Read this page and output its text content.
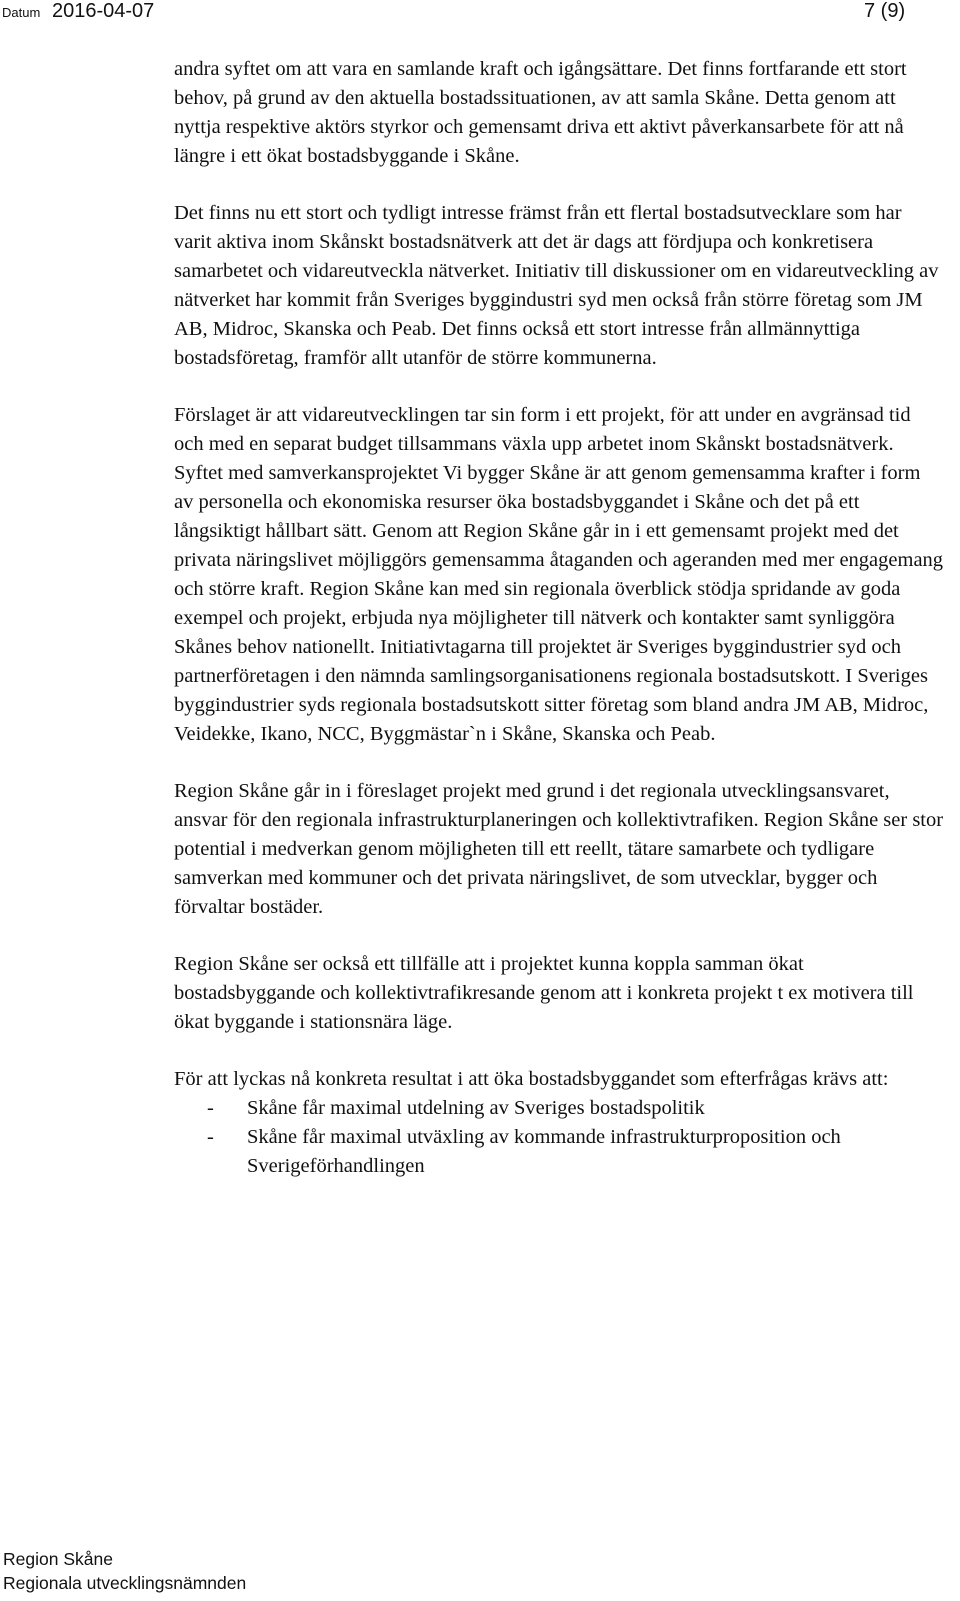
Datum 2016-04-07	7 (9)

andra syftet om att vara en samlande kraft och igångsättare. Det finns fortfarande ett stort behov, på grund av den aktuella bostadssituationen, av att samla Skåne. Detta genom att nyttja respektive aktörs styrkor och gemensamt driva ett aktivt påverkansarbete för att nå längre i ett ökat bostadsbyggande i Skåne.

Det finns nu ett stort och tydligt intresse främst från ett flertal bostadsutvecklare som har varit aktiva inom Skånskt bostadsnätverk att det är dags att fördjupa och konkretisera samarbetet och vidareutveckla nätverket. Initiativ till diskussioner om en vidareutveckling av nätverket har kommit från Sveriges byggindustri syd men också från större företag som JM AB, Midroc, Skanska och Peab. Det finns också ett stort intresse från allmännyttiga bostadsföretag, framför allt utanför de större kommunerna.

Förslaget är att vidareutvecklingen tar sin form i ett projekt, för att under en avgränsad tid och med en separat budget tillsammans växla upp arbetet inom Skånskt bostadsnätverk. Syftet med samverkansprojektet Vi bygger Skåne är att genom gemensamma krafter i form av personella och ekonomiska resurser öka bostadsbyggandet i Skåne och det på ett långsiktigt hållbart sätt. Genom att Region Skåne går in i ett gemensamt projekt med det privata näringslivet möjliggörs gemensamma åtaganden och ageranden med mer engagemang och större kraft. Region Skåne kan med sin regionala överblick stödja spridande av goda exempel och projekt, erbjuda nya möjligheter till nätverk och kontakter samt synliggöra Skånes behov nationellt. Initiativtagarna till projektet är Sveriges byggindustrier syd och partnerföretagen i den nämnda samlingsorganisationens regionala bostadsutskott. I Sveriges byggindustrier syds regionala bostadsutskott sitter företag som bland andra JM AB, Midroc, Veidekke, Ikano, NCC, Byggmästar`n i Skåne, Skanska och Peab.

Region Skåne går in i föreslaget projekt med grund i det regionala utvecklingsansvaret, ansvar för den regionala infrastrukturplaneringen och kollektivtrafiken. Region Skåne ser stor potential i medverkan genom möjligheten till ett reellt, tätare samarbete och tydligare samverkan med kommuner och det privata näringslivet, de som utvecklar, bygger och förvaltar bostäder.

Region Skåne ser också ett tillfälle att i projektet kunna koppla samman ökat bostadsbyggande och kollektivtrafikresande genom att i konkreta projekt t ex motivera till ökat byggande i stationsnära läge.

För att lyckas nå konkreta resultat i att öka bostadsbyggandet som efterfrågas krävs att:

- Skåne får maximal utdelning av Sveriges bostadspolitik
- Skåne får maximal utväxling av kommande infrastrukturproposition och Sverigeförhandlingen
Region Skåne
Regionala utvecklingsnämnden
